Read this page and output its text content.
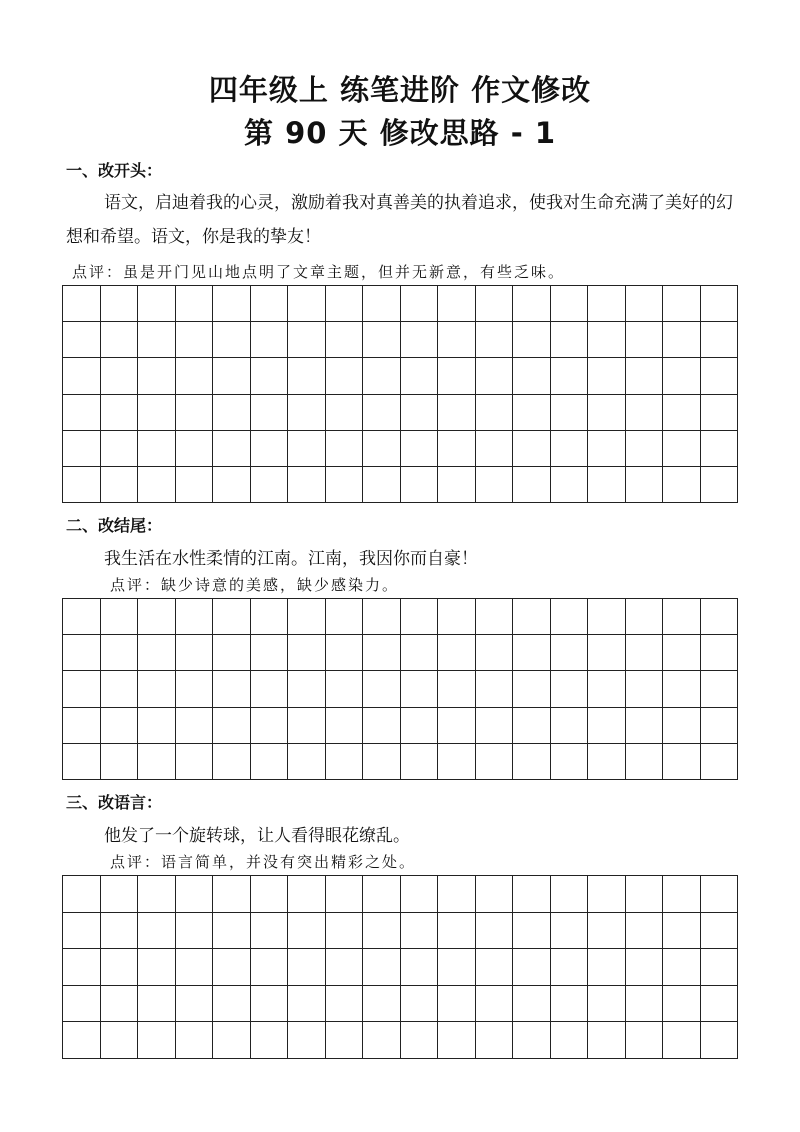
四年级上 练笔进阶 作文修改
第 90 天 修改思路 - 1
一、改开头：
语文，启迪着我的心灵，激励着我对真善美的执着追求，使我对生命充满了美好的幻想和希望。语文，你是我的挚友！
点评：虽是开门见山地点明了文章主题，但并无新意，有些乏味。
二、改结尾：
我生活在水性柔情的江南。江南，我因你而自豪！
点评：缺少诗意的美感，缺少感染力。
三、改语言：
他发了一个旋转球，让人看得眼花缭乱。
点评：语言简单，并没有突出精彩之处。
